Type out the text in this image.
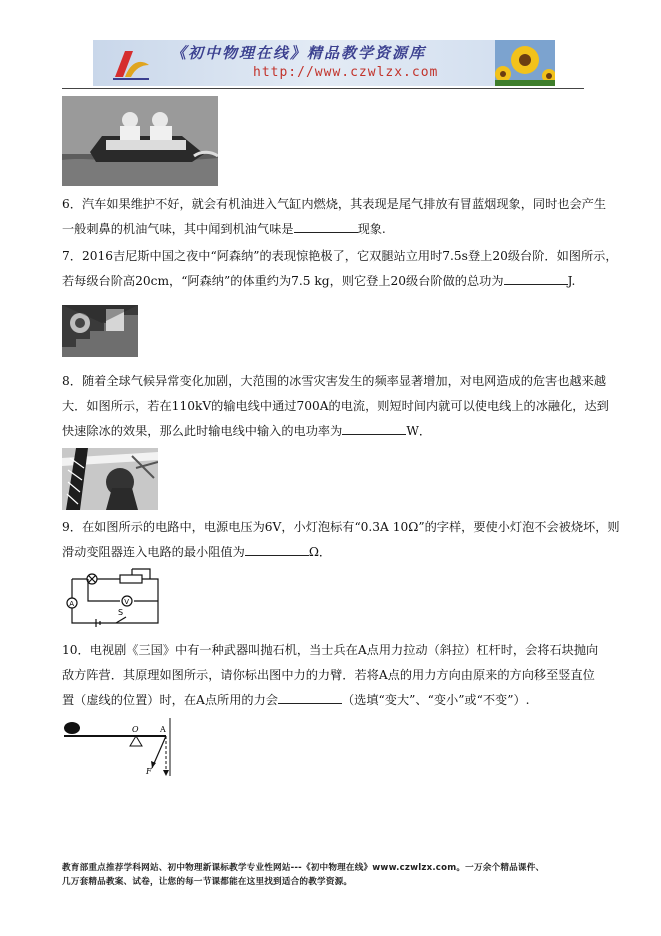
《初中物理在线》精品教学资源库
http://www.czwlzx.com
6．汽车如果维护不好，就会有机油进入气缸内燃烧，其表现是尾气排放有冒蓝烟现象，同时也会产生
一般刺鼻的机油气味，其中闻到机油气味是	现象.
7．2016吉尼斯中国之夜中“阿森纳”的表现惊艳极了，它双腿站立用时7.5s登上20级台阶．如图所示，
若每级台阶高20cm，“阿森纳”的体重约为7.5 kg，则它登上20级台阶做的总功为	J.
8．随着全球气候异常变化加剧，大范围的冰雪灾害发生的频率显著增加，对电网造成的危害也越来越
大．如图所示，若在110kV的输电线中通过700A的电流，则短时间内就可以使电线上的冰融化，达到
快速除冰的效果，那么此时输电线中输入的电功率为	W．
9．在如图所示的电路中，电源电压为6V，小灯泡标有“0.3A 10Ω”的字样，要使小灯泡不会被烧坏，则
滑动变阻器连入电路的最小阻值为	Ω．
A	V
S
10．电视剧《三国》中有一种武器叫抛石机，当士兵在A点用力拉动（斜拉）杠杆时，会将石块抛向
敌方阵营．其原理如图所示，请你标出图中力的力臂．若将A点的用力方向由原来的方向移至竖直位
置（虚线的位置）时，在A点所用的力会	（选填“变大”、“变小”或“不变”）.
O	A
F
教育部重点推荐学科网站、初中物理新课标教学专业性网站---《初中物理在线》www.czwlzx.com。一万余个精品课件、
几万套精品教案、试卷，让您的每一节课都能在这里找到适合的教学资源。
